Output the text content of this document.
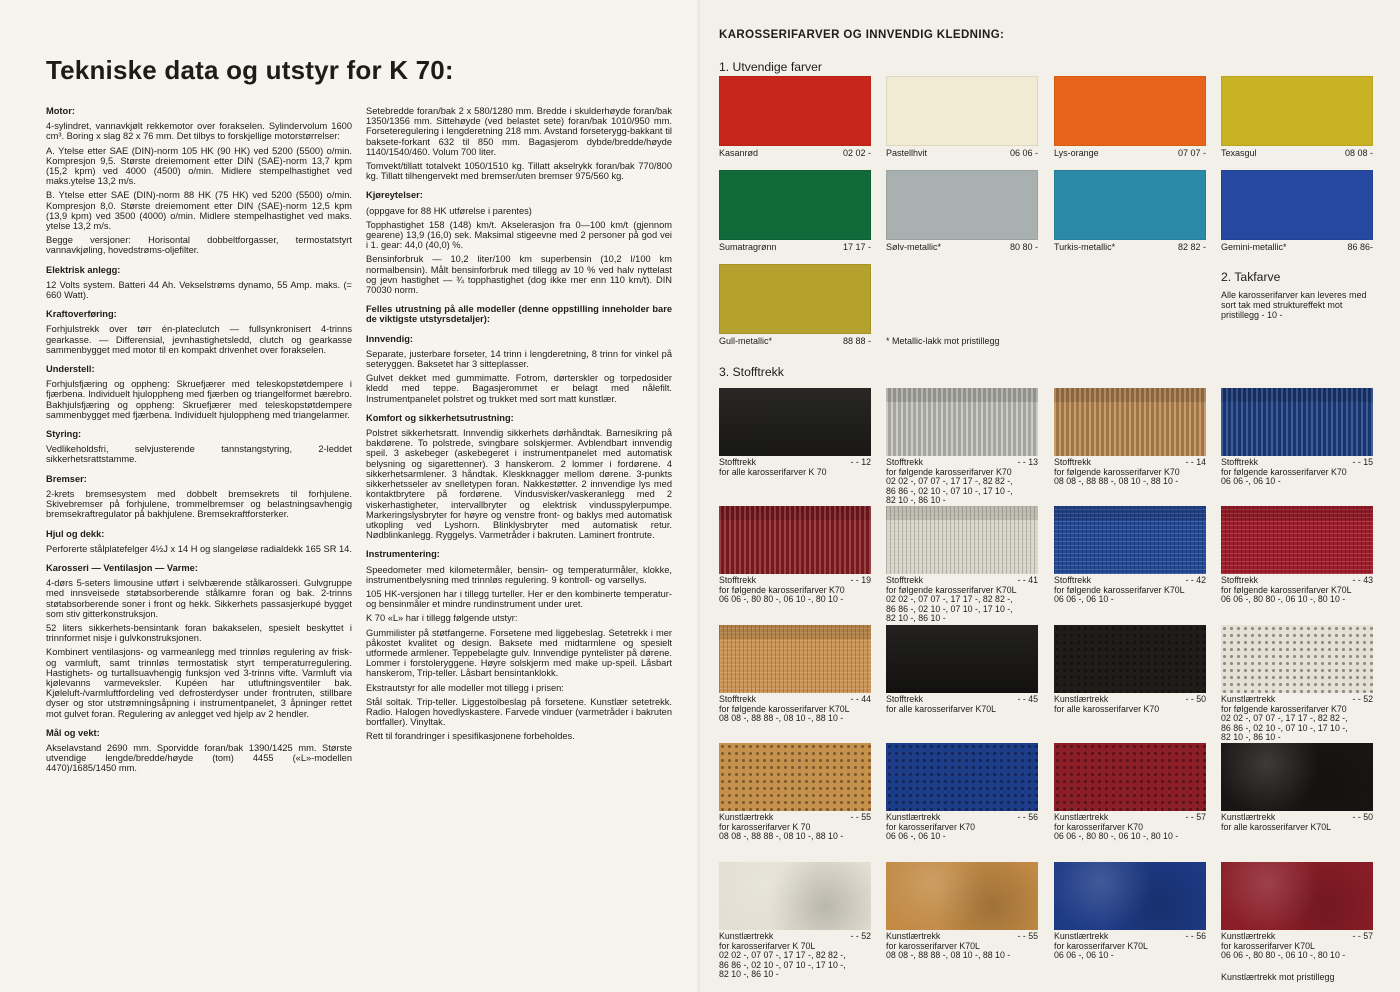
Tekniske data og utstyr for K 70:
Motor:

4-sylindret, vannavkjølt rekkemotor over forakselen. Sylindervolum 1600 cm³. Boring x slag 82 x 76 mm. Det tilbys to forskjellige motorstørrelser:

A. Ytelse etter SAE (DIN)-norm 105 HK (90 HK) ved 5200 (5500) o/min. Kompresjon 9,5. Største dreiemoment etter DIN (SAE)-norm 13,7 kpm (15,2 kpm) ved 4000 (4500) o/min. Midlere stempelhastighet ved maks.ytelse 13,2 m/s.

B. Ytelse etter SAE (DIN)-norm 88 HK (75 HK) ved 5200 (5500) o/min. Kompresjon 8,0. Største dreiemoment etter DIN (SAE)-norm 12,5 kpm (13,9 kpm) ved 3500 (4000) o/min. Midlere stempelhastighet ved maks. ytelse 13,2 m/s.

Begge versjoner: Horisontal dobbeltforgasser, termostatstyrt vannavkjøling, hovedstrøms-oljefilter.

Elektrisk anlegg:

12 Volts system. Batteri 44 Ah. Vekselstrøms dynamo, 55 Amp. maks. (= 660 Watt).

Kraftoverføring:

Forhjulstrekk over tørr én-plateclutch — fullsynkronisert 4-trinns gearkasse. — Differensial, jevnhastighetsledd, clutch og gearkasse sammenbygget med motor til en kompakt drivenhet over forakselen.

Understell:

Forhjulsfjæring og oppheng: Skruefjærer med teleskopstøtdempere i fjærbena. Individuelt hjuloppheng med fjærben og triangelformet bærebro. Bakhjulsfjæring og oppheng: Skruefjærer med teleskopstøtdempere sammenbygget med fjærbena. Individuelt hjuloppheng med triangelarmer.

Styring:

Vedlikeholdsfri, selvjusterende tannstangstyring, 2-leddet sikkerhetsrattstamme.

Bremser:

2-krets bremsesystem med dobbelt bremsekrets til forhjulene. Skivebremser på forhjulene, trommelbremser og belastningsavhengig bremsekraftregulator på bakhjulene. Bremsekraftforsterker.

Hjul og dekk:

Perforerte stålplatefelger 4½J x 14 H og slangeløse radialdekk 165 SR 14.

Karosseri — Ventilasjon — Varme:

4-dørs 5-seters limousine utført i selvbærende stålkarosseri. Gulvgruppe med innsveisede støtabsorberende stålkamre foran og bak. 2-trinns støtabsorberende soner i front og hekk. Sikkerhets passasjerkupé bygget som stiv gitterkonstruksjon.

52 liters sikkerhets-bensintank foran bakakselen, spesielt beskyttet i trinnformet nisje i gulvkonstruksjonen.

Kombinert ventilasjons- og varmeanlegg med trinnløs regulering av frisk- og varmluft, samt trinnløs termostatisk styrt temperaturregulering. Hastighets- og turtallsuavhengig funksjon ved 3-trinns vifte. Varmluft via kjølevanns varmeveksler. Kupéen har utluftningsventiler bak. Kjøleluft-/varmluftfordeling ved defrosterdyser under frontruten, stillbare dyser og stor utstrømningsåpning i instrumentpanelet, 3 åpninger rettet mot gulvet foran. Regulering av anlegget ved hjelp av 2 hendler.

Mål og vekt:

Akselavstand 2690 mm. Sporvidde foran/bak 1390/1425 mm. Største utvendige lengde/bredde/høyde (tom) 4455 («L»-modellen 4470)/1685/1450 mm.

Setebredde foran/bak 2 x 580/1280 mm. Bredde i skulderhøyde foran/bak 1350/1356 mm. Sittehøyde (ved belastet sete) foran/bak 1010/950 mm. Forseteregulering i lengderetning 218 mm. Avstand forseterygg-bakkant til baksete-forkant 632 til 850 mm. Bagasjerom dybde/bredde/høyde 1140/1540/460. Volum 700 liter.

Tomvekt/tillatt totalvekt 1050/1510 kg. Tillatt akselrykk foran/bak 770/800 kg. Tillatt tilhengervekt med bremser/uten bremser 975/560 kg.

Kjøreytelser:

(oppgave for 88 HK utførelse i parentes)

Topphastighet 158 (148) km/t. Akselerasjon fra 0—100 km/t (gjennom gearene) 13,9 (16,0) sek. Maksimal stigeevne med 2 personer på god vei i 1. gear: 44,0 (40,0) %.

Bensinforbruk — 10,2 liter/100 km superbensin (10,2 l/100 km normalbensin). Målt bensinforbruk med tillegg av 10 % ved halv nyttelast og jevn hastighet — ¾ topphastighet (dog ikke mer enn 110 km/t). DIN 70030 norm.

Felles utrustning på alle modeller (denne oppstilling inneholder bare de viktigste utstyrsdetaljer):
Innvendig:

Separate, justerbare forseter, 14 trinn i lengderetning, 8 trinn for vinkel på seteryggen. Baksetet har 3 sitteplasser.

Gulvet dekket med gummimatte. Fotrom, dørterskler og torpedosider kledd med teppe. Bagasjerommet er belagt med nålefilt. Instrumentpanelet polstret og trukket med sort matt kunstlær.

Komfort og sikkerhetsutrustning:

Polstret sikkerhetsratt. Innvendig sikkerhets dørhåndtak. Barnesikring på bakdørene. To polstrede, svingbare solskjermer. Avblendbart innvendig speil. 3 askebeger (askebegeret i instrumentpanelet med automatisk belysning og sigarettenner). 3 hanskerom. 2 lommer i fordørene. 4 sikkerhetsarmlener. 3 håndtak. Kleskknagger mellom dørene. 3-punkts sikkerhetsseler av snelletypen foran. Nakkestøtter. 2 innvendige lys med kontaktbrytere på fordørene. Vindusvisker/vaskeranlegg med 2 viskerhastigheter, intervallbryter og elektrisk vindusspylerpumpe. Markeringslysbryter for høyre og venstre front- og baklys med automatisk utkopling ved Lyshorn. Blinklysbryter med automatisk retur. Nødblinkanlegg. Ryggelys. Varmetråder i bakruten. Laminert frontrute.

Instrumentering:

Speedometer med kilometermåler, bensin- og temperaturmåler, klokke, instrumentbelysning med trinnløs regulering. 9 kontroll- og varsellys.

105 HK-versjonen har i tillegg turteller. Her er den kombinerte temperatur- og bensinmåler et mindre rundinstrument under uret.

K 70 «L» har i tillegg følgende utstyr:

Gummilister på støtfangerne. Forsetene med liggebeslag. Setetrekk i mer påkostet kvalitet og design. Baksete med midtarmlene og spesielt utformede armlener. Teppebelagte gulv. Innvendige pyntelister på dørene. Lommer i forstoleryggene. Høyre solskjerm med make up-speil. Låsbart hanskerom, Trip-teller. Låsbart bensintanklokk.

Ekstrautstyr for alle modeller mot tillegg i prisen:

Stål soltak. Trip-teller. Liggestolbeslag på forsetene. Kunstlær setetrekk. Radio. Halogen hovedlyskastere. Farvede vinduer (varmetråder i bakruten bortfaller). Vinyltak.

Rett til forandringer i spesifikasjonene forbeholdes.

KAROSSERIFARVER OG INNVENDIG KLEDNING:
1. Utvendige farver
Kasanrød	02 02 - Pastellhvit	06 06 - Lys-orange	07 07 - Texasgul	08 08 -
Sumatragrønn	17 17 - Sølv-metallic*	80 80 - Turkis-metallic*	82 82 - Gemini-metallic*	86 86-
Gull-metallic*	88 88 - * Metallic-lakk mot pristillegg
2. Takfarve
Alle karosserifarver kan leveres med sort tak med struktureffekt mot pristillegg - 10 -
3. Stofftrekk
Stofftrekk	- - 12
for alle karosserifarver K 70
Stofftrekk	- - 13
for følgende karosserifarver K70
02 02 -, 07 07 -, 17 17 -, 82 82 -,
86 86 -, 02 10 -, 07 10 -, 17 10 -,
82 10 -, 86 10 -
Stofftrekk	- - 14
for følgende karosserifarver K70
08 08 -, 88 88 -, 08 10 -, 88 10 -
Stofftrekk	- - 15
for følgende karosserifarver K70
06 06 -, 06 10 -
Stofftrekk	- - 19
for følgende karosserifarver K70
06 06 -, 80 80 -, 06 10 -, 80 10 -
Stofftrekk	- - 41
for følgende karosserifarver K70L
02 02 -, 07 07 -, 17 17 -, 82 82 -,
86 86 -, 02 10 -, 07 10 -, 17 10 -,
82 10 -, 86 10 -
Stofftrekk	- - 42
for følgende karosserifarver K70L
06 06 -, 06 10 -
Stofftrekk	- - 43
for følgende karosserifarver K70L
06 06 -, 80 80 -, 06 10 -, 80 10 -
Stofftrekk	- - 44
for følgende karosserifarver K70L
08 08 -, 88 88 -, 08 10 -, 88 10 -
Stofftrekk	- - 45
for alle karosserifarver K70L
Kunstlærtrekk	- - 50
for alle karosserifarver K70
Kunstlærtrekk	- - 52
for følgende karosserifarver K70
02 02 -, 07 07 -, 17 17 -, 82 82 -,
86 86 -, 02 10 -, 07 10 -, 17 10 -,
82 10 -, 86 10 -
Kunstlærtrekk	- - 55
for karosserifarver K 70
08 08 -, 88 88 -, 08 10 -, 88 10 -
Kunstlærtrekk	- - 56
for karosserifarver K70
06 06 -, 06 10 -
Kunstlærtrekk	- - 57
for karosserifarver K70
06 06 -, 80 80 -, 06 10 -, 80 10 -
Kunstlærtrekk	- - 50
for alle karosserifarver K70L
Kunstlærtrekk	- - 52
for karosserifarver K 70L
02 02 -, 07 07 -, 17 17 -, 82 82 -,
86 86 -, 02 10 -, 07 10 -, 17 10 -,
82 10 -, 86 10 -
Kunstlærtrekk	- - 55
for karosserifarver K70L
08 08 -, 88 88 -, 08 10 -, 88 10 -
Kunstlærtrekk	- - 56
for karosserifarver K70L
06 06 -, 06 10 -
Kunstlærtrekk	- - 57
for karosserifarver K70L
06 06 -, 80 80 -, 06 10 -, 80 10 -
Kunstlærtrekk mot pristillegg
